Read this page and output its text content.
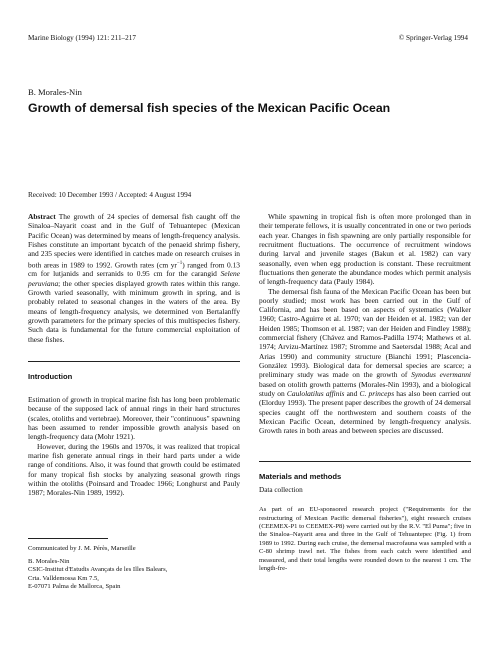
Marine Biology (1994) 121: 211–217	© Springer-Verlag 1994
B. Morales-Nin
Growth of demersal fish species of the Mexican Pacific Ocean
Received: 10 December 1993 / Accepted: 4 August 1994

Abstract The growth of 24 species of demersal fish caught off the Sinaloa–Nayarit coast and in the Gulf of Tehuantepec (Mexican Pacific Ocean) was determined by means of length-frequency analysis. Fishes constitute an important bycatch of the penaeid shrimp fishery, and 235 species were identified in catches made on research cruises in both areas in 1989 to 1992. Growth rates (cm $yr^{-1}$) ranged from 0.13 cm for lutjanids and serranids to 0.95 cm for the carangid Selene peruviana; the other species displayed growth rates within this range. Growth varied seasonally, with minimum growth in spring, and is probably related to seasonal changes in the waters of the area. By means of length-frequency analysis, we determined von Bertalanffy growth parameters for the primary species of this multispecies fishery. Such data is fundamental for the future commercial exploitation of these fishes.

Introduction

Estimation of growth in tropical marine fish has long been problematic because of the supposed lack of annual rings in their hard structures (scales, otoliths and vertebrae). Moreover, their "continuous" spawning has been assumed to render impossible growth analysis based on length-frequency data (Mohr 1921).

However, during the 1960s and 1970s, it was realized that tropical marine fish generate annual rings in their hard parts under a wide range of conditions. Also, it was found that growth could be estimated for many tropical fish stocks by analyzing seasonal growth rings within the otoliths (Poinsard and Troadec 1966; Longhurst and Pauly 1987; Morales-Nin 1989, 1992).

Communicated by J. M. Pérès, Marseille
B. Morales-Nin
CSIC-Institut d'Estudis Avançats de les Illes Balears,
Crta. Valldemossa Km 7.5,
E-07071 Palma de Mallorca, Spain

While spawning in tropical fish is often more prolonged than in their temperate fellows, it is usually concentrated in one or two periods each year. Changes in fish spawning are only partially responsible for recruitment fluctuations. The occurrence of recruitment windows during larval and juvenile stages (Bakun et al. 1982) can vary seasonally, even when egg production is constant. These recruitment fluctuations then generate the abundance modes which permit analysis of length-frequency data (Pauly 1984).

The demersal fish fauna of the Mexican Pacific Ocean has been but poorly studied; most work has been carried out in the Gulf of California, and has been based on aspects of systematics (Walker 1960; Castro-Aguirre et al. 1970; van der Heiden et al. 1982; van der Heiden 1985; Thomson et al. 1987; van der Heiden and Findley 1988); commercial fishery (Chávez and Ramos-Padilla 1974; Mathews et al. 1974; Arvizu-Martínez 1987; Stromme and Saetersdal 1988; Acal and Arias 1990) and community structure (Bianchi 1991; Plascencia-González 1993). Biological data for demersal species are scarce; a preliminary study was made on the growth of Synodus evermanni based on otolith growth patterns (Morales-Nin 1993), and a biological study on Caulolatilus affinis and C. princeps has also been carried out (Elorduy 1993). The present paper describes the growth of 24 demersal species caught off the northwestern and southern coasts of the Mexican Pacific Ocean, determined by length-frequency analysis. Growth rates in both areas and between species are discussed.

Materials and methods
Data collection

As part of an EU-sponsored research project ("Requirements for the restructuring of Mexican Pacific demersal fisheries"), eight research cruises (CEEMEX-P1 to CEEMEX-P8) were carried out by the R.V. "El Puma"; five in the Sinaloa–Nayarit area and three in the Gulf of Tehuantepec (Fig. 1) from 1989 to 1992. During each cruise, the demersal macrofauna was sampled with a C-80 shrimp trawl net. The fishes from each catch were identified and measured, and their total lengths were rounded down to the nearest 1 cm. The length-fre-
